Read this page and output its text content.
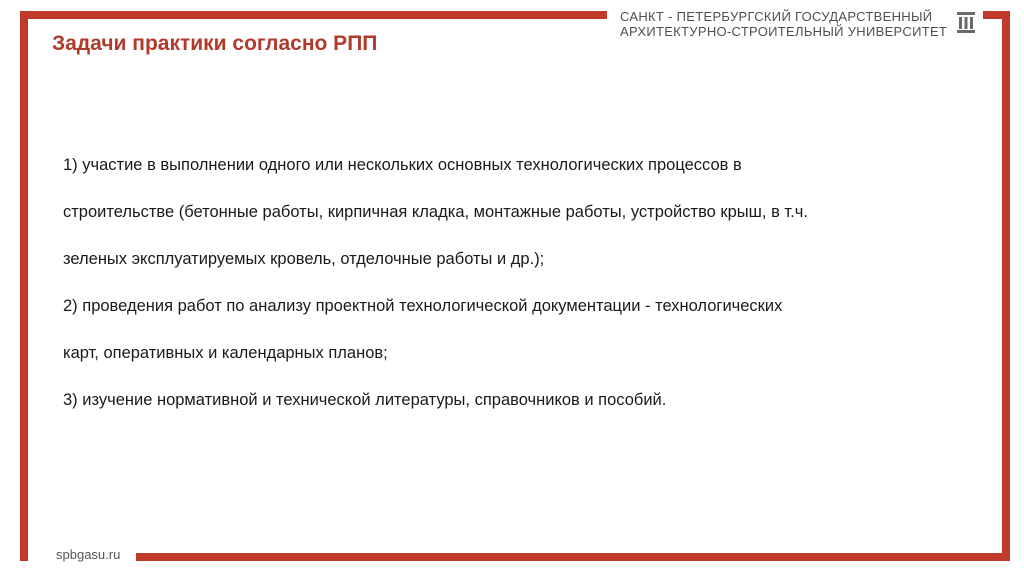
САНКТ - ПЕТЕРБУРГСКИЙ ГОСУДАРСТВЕННЫЙ
АРХИТЕКТУРНО-СТРОИТЕЛЬНЫЙ УНИВЕРСИТЕТ
Задачи практики согласно РПП
1) участие в выполнении одного или нескольких основных технологических процессов в
строительстве (бетонные работы, кирпичная кладка, монтажные работы, устройство крыш, в т.ч.
зеленых эксплуатируемых кровель, отделочные работы и др.);
2) проведения работ по анализу проектной технологической документации - технологических
карт, оперативных и календарных планов;
3) изучение нормативной и технической литературы, справочников и пособий.
spbgasu.ru
